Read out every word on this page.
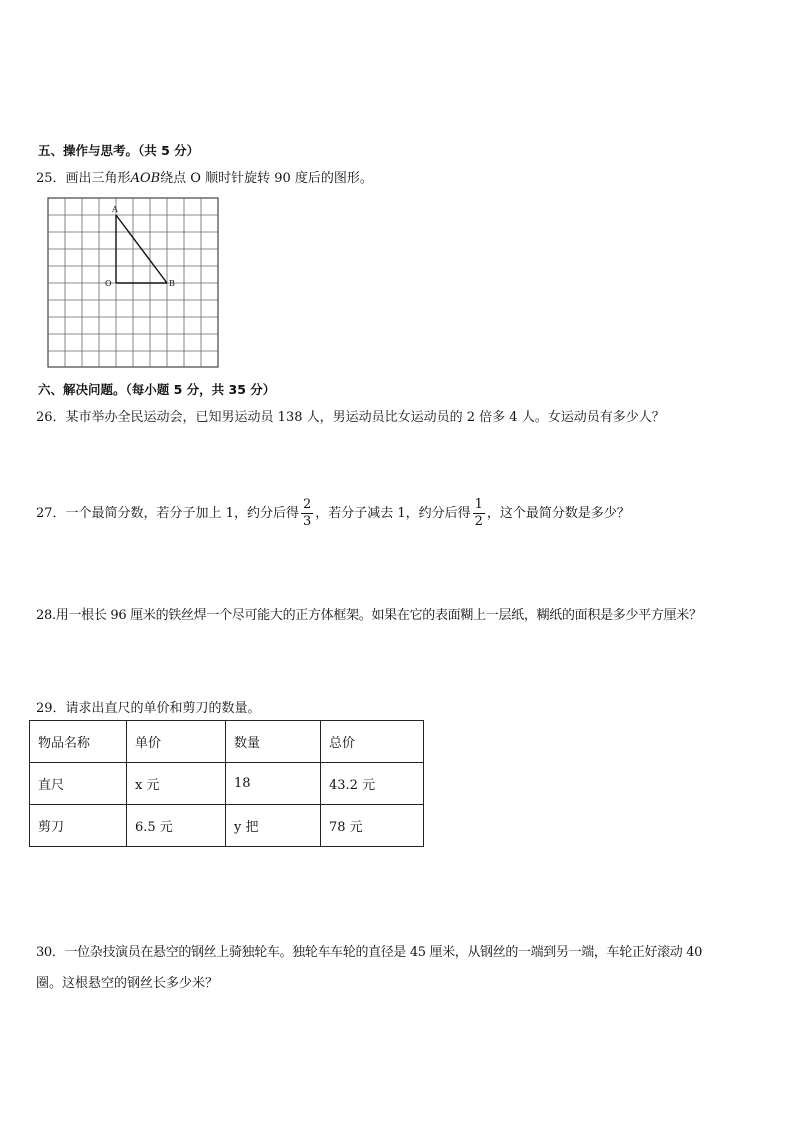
五、操作与思考。（共 5 分）
25．画出三角形AOB绕点 O 顺时针旋转 90 度后的图形。
A
O	B
六、解决问题。（每小题 5 分，共 35 分）
26．某市举办全民运动会，已知男运动员 138 人，男运动员比女运动员的 2 倍多 4 人。女运动员有多少人？
27．一个最简分数，若分子加上 1，约分后得 $\frac{2}{3}$ ，若分子减去 1，约分后得 $\frac{1}{2}$ ，这个最简分数是多少？
28.用一根长 96 厘米的铁丝焊一个尽可能大的正方体框架。如果在它的表面糊上一层纸，糊纸的面积是多少平方厘米？
29．请求出直尺的单价和剪刀的数量。
物品名称	单价	数量	总价
直尺	x 元	18	43.2 元
剪刀	6.5 元	y 把	78 元
30．一位杂技演员在悬空的钢丝上骑独轮车。独轮车车轮的直径是 45 厘米，从钢丝的一端到另一端，车轮正好滚动 40
圈。这根悬空的钢丝长多少米？
